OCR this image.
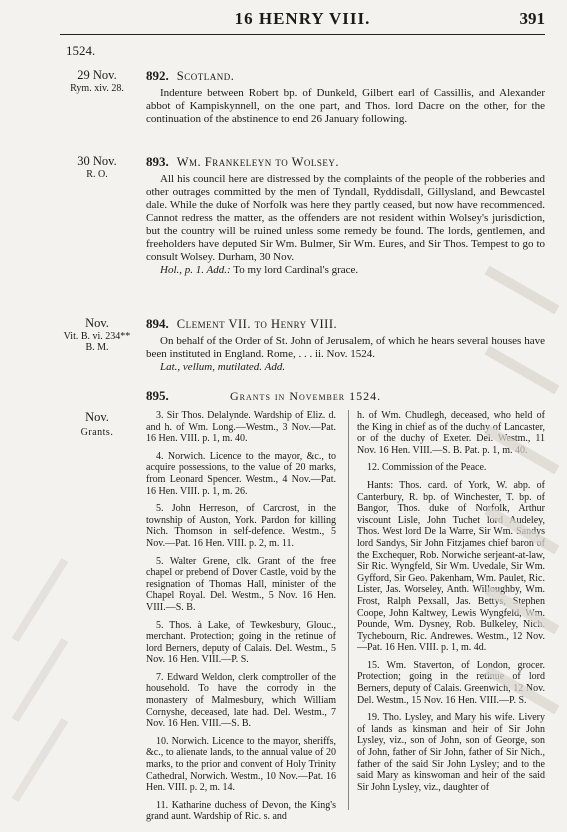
16 HENRY VIII.	391
1524.
29 Nov.
Rym. xiv. 28.

892. Scotland.

Indenture between Robert bp. of Dunkeld, Gilbert earl of Cassillis, and Alexander abbot of Kampiskynnell, on the one part, and Thos. lord Dacre on the other, for the continuation of the abstinence to end 26 January following.

30 Nov.
R. O.

893. Wm. Frankeleyn to Wolsey.

All his council here are distressed by the complaints of the people of the robberies and other outrages committed by the men of Tyndall, Ryddisdall, Gillysland, and Bewcastel dale. While the duke of Norfolk was here they partly ceased, but now have recommenced. Cannot redress the matter, as the offenders are not resident within Wolsey's jurisdiction, but the country will be ruined unless some remedy be found. The lords, gentlemen, and freeholders have deputed Sir Wm. Bulmer, Sir Wm. Eures, and Sir Thos. Tempest to go to consult Wolsey. Durham, 30 Nov.

Hol., p. 1. Add.: To my lord Cardinal's grace.

Nov.
Vit. B. vi. 234** B. M.

894. Clement VII. to Henry VIII.

On behalf of the Order of St. John of Jerusalem, of which he hears several houses have been instituted in England. Rome, . . . ii. Nov. 1524.

Lat., vellum, mutilated. Add.

895.	Grants in November 1524.
Nov.
Grants.

3. Sir Thos. Delalynde. Wardship of Eliz. d. and h. of Wm. Long.—Westm., 3 Nov.—Pat. 16 Hen. VIII. p. 1, m. 40.

4. Norwich. Licence to the mayor, &c., to acquire possessions, to the value of 20 marks, from Leonard Spencer. Westm., 4 Nov.—Pat. 16 Hen. VIII. p. 1, m. 26.

5. John Herreson, of Carcrost, in the township of Auston, York. Pardon for killing Nich. Thomson in self-defence. Westm., 5 Nov.—Pat. 16 Hen. VIII. p. 2, m. 11.

5. Walter Grene, clk. Grant of the free chapel or prebend of Dover Castle, void by the resignation of Thomas Hall, minister of the Chapel Royal. Del. Westm., 5 Nov. 16 Hen. VIII.—S. B.

5. Thos. à Lake, of Tewkesbury, Glouc., merchant. Protection; going in the retinue of lord Berners, deputy of Calais. Del. Westm., 5 Nov. 16 Hen. VIII.—P. S.

7. Edward Weldon, clerk comptroller of the household. To have the corrody in the monastery of Malmesbury, which William Cornyshe, deceased, late had. Del. Westm., 7 Nov. 16 Hen. VIII.—S. B.

10. Norwich. Licence to the mayor, sheriffs, &c., to alienate lands, to the annual value of 20 marks, to the prior and convent of Holy Trinity Cathedral, Norwich. Westm., 10 Nov.—Pat. 16 Hen. VIII. p. 2, m. 14.

11. Katharine duchess of Devon, the King's grand aunt. Wardship of Ric. s. and

h. of Wm. Chudlegh, deceased, who held of the King in chief as of the duchy of Lancaster, or of the duchy of Exeter. Del. Westm., 11 Nov. 16 Hen. VIII.—S. B. Pat. p. 1, m. 40.

12. Commission of the Peace.

Hants: Thos. card. of York, W. abp. of Canterbury, R. bp. of Winchester, T. bp. of Bangor, Thos. duke of Norfolk, Arthur viscount Lisle, John Tuchet lord Audeley, Thos. West lord De la Warre, Sir Wm. Sandys lord Sandys, Sir John Fitzjames chief baron of the Exchequer, Rob. Norwiche serjeant-at-law, Sir Ric. Wyngfeld, Sir Wm. Uvedale, Sir Wm. Gyfford, Sir Geo. Pakenham, Wm. Paulet, Ric. Lister, Jas. Worseley, Anth. Willoughby, Wm. Frost, Ralph Pexsall, Jas. Bettys, Stephen Coope, John Kaltwey, Lewis Wyngfeld, Wm. Pounde, Wm. Dysney, Rob. Bulkeley, Nich. Tychebourn, Ric. Andrewes. Westm., 12 Nov.—Pat. 16 Hen. VIII. p. 1, m. 4d.

15. Wm. Staverton, of London, grocer. Protection; going in the retinue of lord Berners, deputy of Calais. Greenwich, 12 Nov. Del. Westm., 15 Nov. 16 Hen. VIII.—P. S.

19. Tho. Lysley, and Mary his wife. Livery of lands as kinsman and heir of Sir John Lysley, viz., son of John, son of George, son of John, father of Sir John, father of Sir Nich., father of the said Sir John Lysley; and to the said Mary as kinswoman and heir of the said Sir John Lysley, viz., daughter of
